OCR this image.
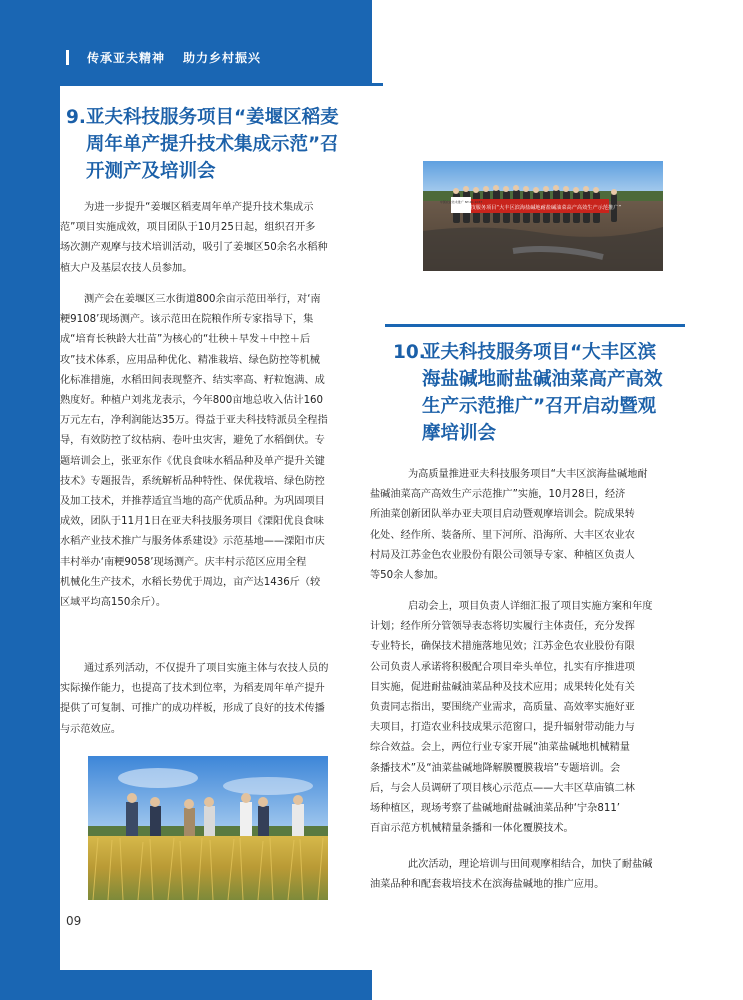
传承亚夫精神 助力乡村振兴
9. 亚夫科技服务项目“姜堰区稻麦
周年单产提升技术集成示范”召
开测产及培训会
为进一步提升“姜堰区稻麦周年单产提升技术集成示
范”项目实施成效，项目团队于10月25日起，组织召开多
场次测产观摩与技术培训活动，吸引了姜堰区50余名水稻种
植大户及基层农技人员参加。
测产会在姜堰区三水街道800余亩示范田举行，对‘南
粳9108’现场测产。该示范田在院粮作所专家指导下，集
成“培育长秧龄大壮苗”为核心的“壮秧＋早发＋中控＋后
攻”技术体系，应用品种优化、精准栽培、绿色防控等机械
化标准措施，水稻田间表现整齐、结实率高、籽粒饱满、成
熟度好。种植户刘兆龙表示，今年800亩地总收入估计160
万元左右，净利润能达35万。得益于亚夫科技特派员全程指
导，有效防控了纹枯病、卷叶虫灾害，避免了水稻倒伏。专
题培训会上，张亚东作《优良食味水稻品种及单产提升关键
技术》专题报告，系统解析品种特性、保优栽培、绿色防控
及加工技术，并推荐适宜当地的高产优质品种。为巩固项目
成效，团队于11月1日在亚夫科技服务项目《溧阳优良食味
水稻产业技术推广与服务体系建设》示范基地——溧阳市庆
丰村举办‘南粳9058’现场测产。庆丰村示范区应用全程
机械化生产技术，水稻长势优于周边，亩产达1436斤（较
区域平均高150余斤）。
通过系列活动，不仅提升了项目实施主体与农技人员的
实际操作能力，也提高了技术到位率，为稻麦周年单产提升
提供了可复制、可推广的成功样板，形成了良好的技术传播
与示范效应。
中国农业技术推广 NT-KC-1037
亚夫科技服务项目“大丰区滨海盐碱地耐盐碱油菜高产高效生产示范推广”
10.
亚夫科技服务项目“大丰区滨
海盐碱地耐盐碱油菜高产高效
生产示范推广”召开启动暨观
摩培训会
为高质量推进亚夫科技服务项目“大丰区滨海盐碱地耐
盐碱油菜高产高效生产示范推广”实施，10月28日，经济
所油菜创新团队举办亚夫项目启动暨观摩培训会。院成果转
化处、经作所、装备所、里下河所、沿海所、大丰区农业农
村局及江苏金色农业股份有限公司领导专家、种植区负责人
等50余人参加。
启动会上，项目负责人详细汇报了项目实施方案和年度
计划；经作所分管领导表态将切实履行主体责任，充分发挥
专业特长，确保技术措施落地见效；江苏金色农业股份有限
公司负责人承诺将积极配合项目牵头单位，扎实有序推进项
目实施，促进耐盐碱油菜品种及技术应用；成果转化处有关
负责同志指出，要围绕产业需求，高质量、高效率实施好亚
夫项目，打造农业科技成果示范窗口，提升辐射带动能力与
综合效益。会上，两位行业专家开展“油菜盐碱地机械精量
条播技术”及“油菜盐碱地降解膜覆膜栽培”专题培训。会
后，与会人员调研了项目核心示范点——大丰区草庙镇二林
场种植区，现场考察了盐碱地耐盐碱油菜品种‘宁杂811’
百亩示范方机械精量条播和一体化覆膜技术。
此次活动，理论培训与田间观摩相结合，加快了耐盐碱
油菜品种和配套栽培技术在滨海盐碱地的推广应用。
09
